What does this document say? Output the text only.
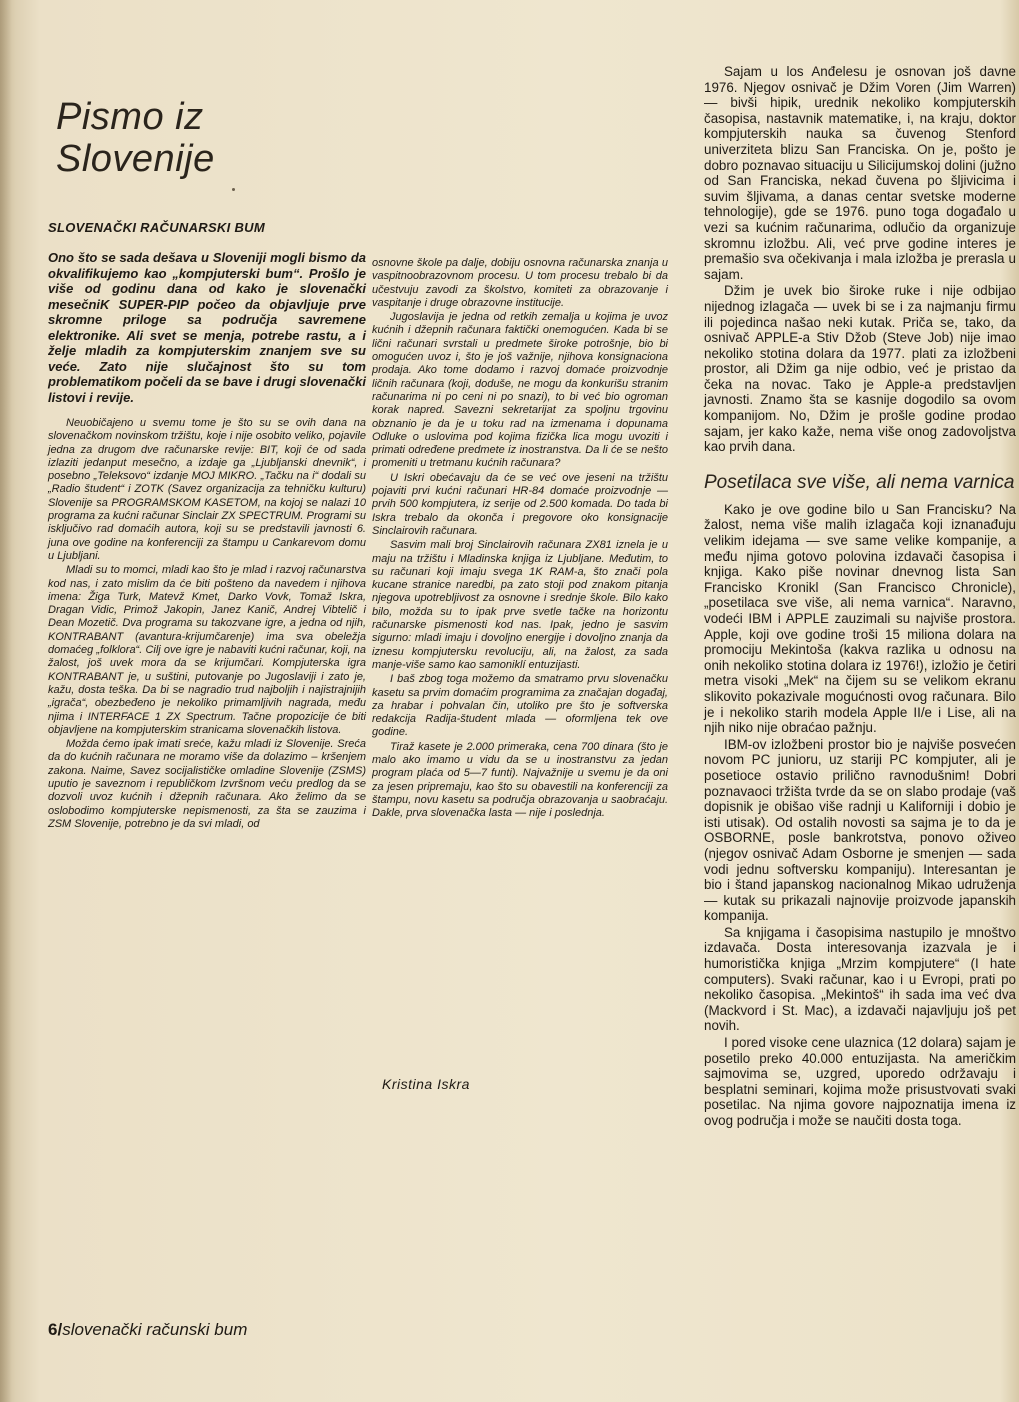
Pismo iz
Slovenije
SLOVENAČKI RAČUNARSKI BUM

Ono što se sada dešava u Sloveniji mogli bismo da okvalifikujemo kao „kompjuterski bum“. Prošlo je više od godinu dana od kako je slovenački mesečniK SUPER-PIP počeo da objavljuje prve skromne priloge sa područja savremene elektronike. Ali svet se menja, potrebe rastu, a i želje mladih za kompjuterskim znanjem sve su veće. Zato nije slučajnost što su tom problematikom počeli da se bave i drugi slovenački listovi i revije.

Neuobičajeno u svemu tome je što su se ovih dana na slovenačkom novinskom tržištu, koje i nije osobito veliko, pojavile jedna za drugom dve računarske revije: BIT, koji će od sada izlaziti jedanput mesečno, a izdaje ga „Ljubljanski dnevnik“, i posebno „Teleksovo“ izdanje MOJ MIKRO. „Tačku na i“ dodali su „Radio študent“ i ZOTK (Savez organizacija za tehničku kulturu) Slovenije sa PROGRAMSKOM KASETOM, na kojoj se nalazi 10 programa za kućni računar Sinclair ZX SPECTRUM. Programi su isključivo rad domaćih autora, koji su se predstavili javnosti 6. juna ove godine na konferenciji za štampu u Cankarevom domu u Ljubljani.

Mladi su to momci, mladi kao što je mlad i razvoj računarstva kod nas, i zato mislim da će biti pošteno da navedem i njihova imena: Žiga Turk, Matevž Kmet, Darko Vovk, Tomaž Iskra, Dragan Vidic, Primož Jakopin, Janez Kanič, Andrej Vibtelič i Dean Mozetič. Dva programa su takozvane igre, a jedna od njih, KONTRABANT (avantura-krijumčarenje) ima sva obeležja domaćeg „folklora“. Cilj ove igre je nabaviti kućni računar, koji, na žalost, još uvek mora da se krijumčari. Kompjuterska igra KONTRABANT je, u suštini, putovanje po Jugoslaviji i zato je, kažu, dosta teška. Da bi se nagradio trud najboljih i najistrajnijih „igrača“, obezbeđeno je nekoliko primamljivih nagrada, među njima i INTERFACE 1 ZX Spectrum. Tačne propozicije će biti objavljene na kompjuterskim stranicama slovenačkih listova.

Možda ćemo ipak imati sreće, kažu mladi iz Slovenije. Sreća da do kućnih računara ne moramo više da dolazimo – kršenjem zakona. Naime, Savez socijalističke omladine Slovenije (ZSMS) uputio je saveznom i republičkom Izvršnom veću predlog da se dozvoli uvoz kućnih i džepnih računara. Ako želimo da se oslobodimo kompjuterske nepismenosti, za šta se zauzima i ZSM Slovenije, potrebno je da svi mladi, od

osnovne škole pa dalje, dobiju osnovna računarska znanja u vaspitnoobrazovnom procesu. U tom procesu trebalo bi da učestvuju zavodi za školstvo, komiteti za obrazovanje i vaspitanje i druge obrazovne institucije.

Jugoslavija je jedna od retkih zemalja u kojima je uvoz kućnih i džepnih računara faktički onemogućen. Kada bi se lični računari svrstali u predmete široke potrošnje, bio bi omogućen uvoz i, što je još važnije, njihova konsignaciona prodaja. Ako tome dodamo i razvoj domaće proizvodnje ličnih računara (koji, doduše, ne mogu da konkurišu stranim računarima ni po ceni ni po snazi), to bi već bio ogroman korak napred. Savezni sekretarijat za spoljnu trgovinu obznanio je da je u toku rad na izmenama i dopunama Odluke o uslovima pod kojima fizička lica mogu uvoziti i primati određene predmete iz inostranstva. Da li će se nešto promeniti u tretmanu kućnih računara?

U Iskri obećavaju da će se već ove jeseni na tržištu pojaviti prvi kućni računari HR-84 domaće proizvodnje — prvih 500 kompjutera, iz serije od 2.500 komada. Do tada bi Iskra trebalo da okonča i pregovore oko konsignacije Sinclairovih računara.

Sasvim mali broj Sinclairovih računara ZX81 iznela je u maju na tržištu i Mladinska knjiga iz Ljubljane. Međutim, to su računari koji imaju svega 1K RAM-a, što znači pola kucane stranice naredbi, pa zato stoji pod znakom pitanja njegova upotrebljivost za osnovne i srednje škole. Bilo kako bilo, možda su to ipak prve svetle tačke na horizontu računarske pismenosti kod nas. Ipak, jedno je sasvim sigurno: mladi imaju i dovoljno energije i dovoljno znanja da iznesu kompjutersku revoluciju, ali, na žalost, za sada manje-više samo kao samoniklí entuzijasti.

I baš zbog toga možemo da smatramo prvu slovenačku kasetu sa prvim domaćim programima za značajan događaj, za hrabar i pohvalan čin, utoliko pre što je softverska redakcija Radija-študent mlada — oformljena tek ove godine.

Tiraž kasete je 2.000 primeraka, cena 700 dinara (što je malo ako imamo u vidu da se u inostranstvu za jedan program plaća od 5—7 funti). Najvažnije u svemu je da oni za jesen pripremaju, kao što su obavestili na konferenciji za štampu, novu kasetu sa područja obrazovanja u saobraćaju. Dakle, prva slovenačka lasta — nije i poslednja.

Kristina Iskra

Sajam u los Anđelesu je osnovan još davne 1976. Njegov osnivač je Džim Voren (Jim Warren) — bivši hipik, urednik nekoliko kompjuterskih časopisa, nastavnik matematike, i, na kraju, doktor kompjuterskih nauka sa čuvenog Stenford univerziteta blizu San Franciska. On je, pošto je dobro poznavao situaciju u Silicijumskoj dolini (južno od San Franciska, nekad čuvena po šljivicima i suvim šljivama, a danas centar svetske moderne tehnologije), gde se 1976. puno toga događalo u vezi sa kućnim računarima, odlučio da organizuje skromnu izložbu. Ali, već prve godine interes je premašio sva očekivanja i mala izložba je prerasla u sajam.

Džim je uvek bio široke ruke i nije odbijao nijednog izlagača — uvek bi se i za najmanju firmu ili pojedinca našao neki kutak. Priča se, tako, da osnivač APPLE-a Stiv Džob (Steve Job) nije imao nekoliko stotina dolara da 1977. plati za izložbeni prostor, ali Džim ga nije odbio, već je pristao da čeka na novac. Tako je Apple-a predstavljen javnosti. Znamo šta se kasnije dogodilo sa ovom kompanijom. No, Džim je prošle godine prodao sajam, jer kako kaže, nema više onog zadovoljstva kao prvih dana.

Posetilaca sve više, ali nema varnica

Kako je ove godine bilo u San Francisku? Na žalost, nema više malih izlagača koji iznanađuju velikim idejama — sve same velike kompanije, a među njima gotovo polovina izdavači časopisa i knjiga. Kako piše novinar dnevnog lista San Francisko Kronikl (San Francisco Chronicle), „posetilaca sve više, ali nema varnica“. Naravno, vodeći IBM i APPLE zauzimali su najviše prostora. Apple, koji ove godine troši 15 miliona dolara na promociju Mekintoša (kakva razlika u odnosu na onih nekoliko stotina dolara iz 1976!), izložio je četiri metra visoki „Mek“ na čijem su se velikom ekranu slikovito pokazivale mogućnosti ovog računara. Bilo je i nekoliko starih modela Apple II/e i Lise, ali na njih niko nije obraćao pažnju.

IBM-ov izložbeni prostor bio je najviše posvećen novom PC junioru, uz stariji PC kompjuter, ali je posetioce ostavio prilično ravnodušnim! Dobri poznavaoci tržišta tvrde da se on slabo prodaje (vaš dopisnik je obišao više radnji u Kaliforniji i dobio je isti utisak). Od ostalih novosti sa sajma je to da je OSBORNE, posle bankrotstva, ponovo oživeo (njegov osnivač Adam Osborne je smenjen — sada vodi jednu softversku kompaniju). Interesantan je bio i štand japanskog nacionalnog Mikao udruženja — kutak su prikazali najnovije proizvode japanskih kompanija.

Sa knjigama i časopisima nastupilo je mnoštvo izdavača. Dosta interesovanja izazvala je i humoristička knjiga „Mrzim kompjutere“ (I hate computers). Svaki računar, kao i u Evropi, prati po nekoliko časopisa. „Mekintoš“ ih sada ima već dva (Mackvord i St. Mac), a izdavači najavljuju još pet novih.

I pored visoke cene ulaznica (12 dolara) sajam je posetilo preko 40.000 entuzijasta. Na američkim sajmovima se, uzgred, uporedo održavaju i besplatni seminari, kojima može prisustvovati svaki posetilac. Na njima govore najpoznatija imena iz ovog područja i može se naučiti dosta toga.

6/slovenački računski bum
